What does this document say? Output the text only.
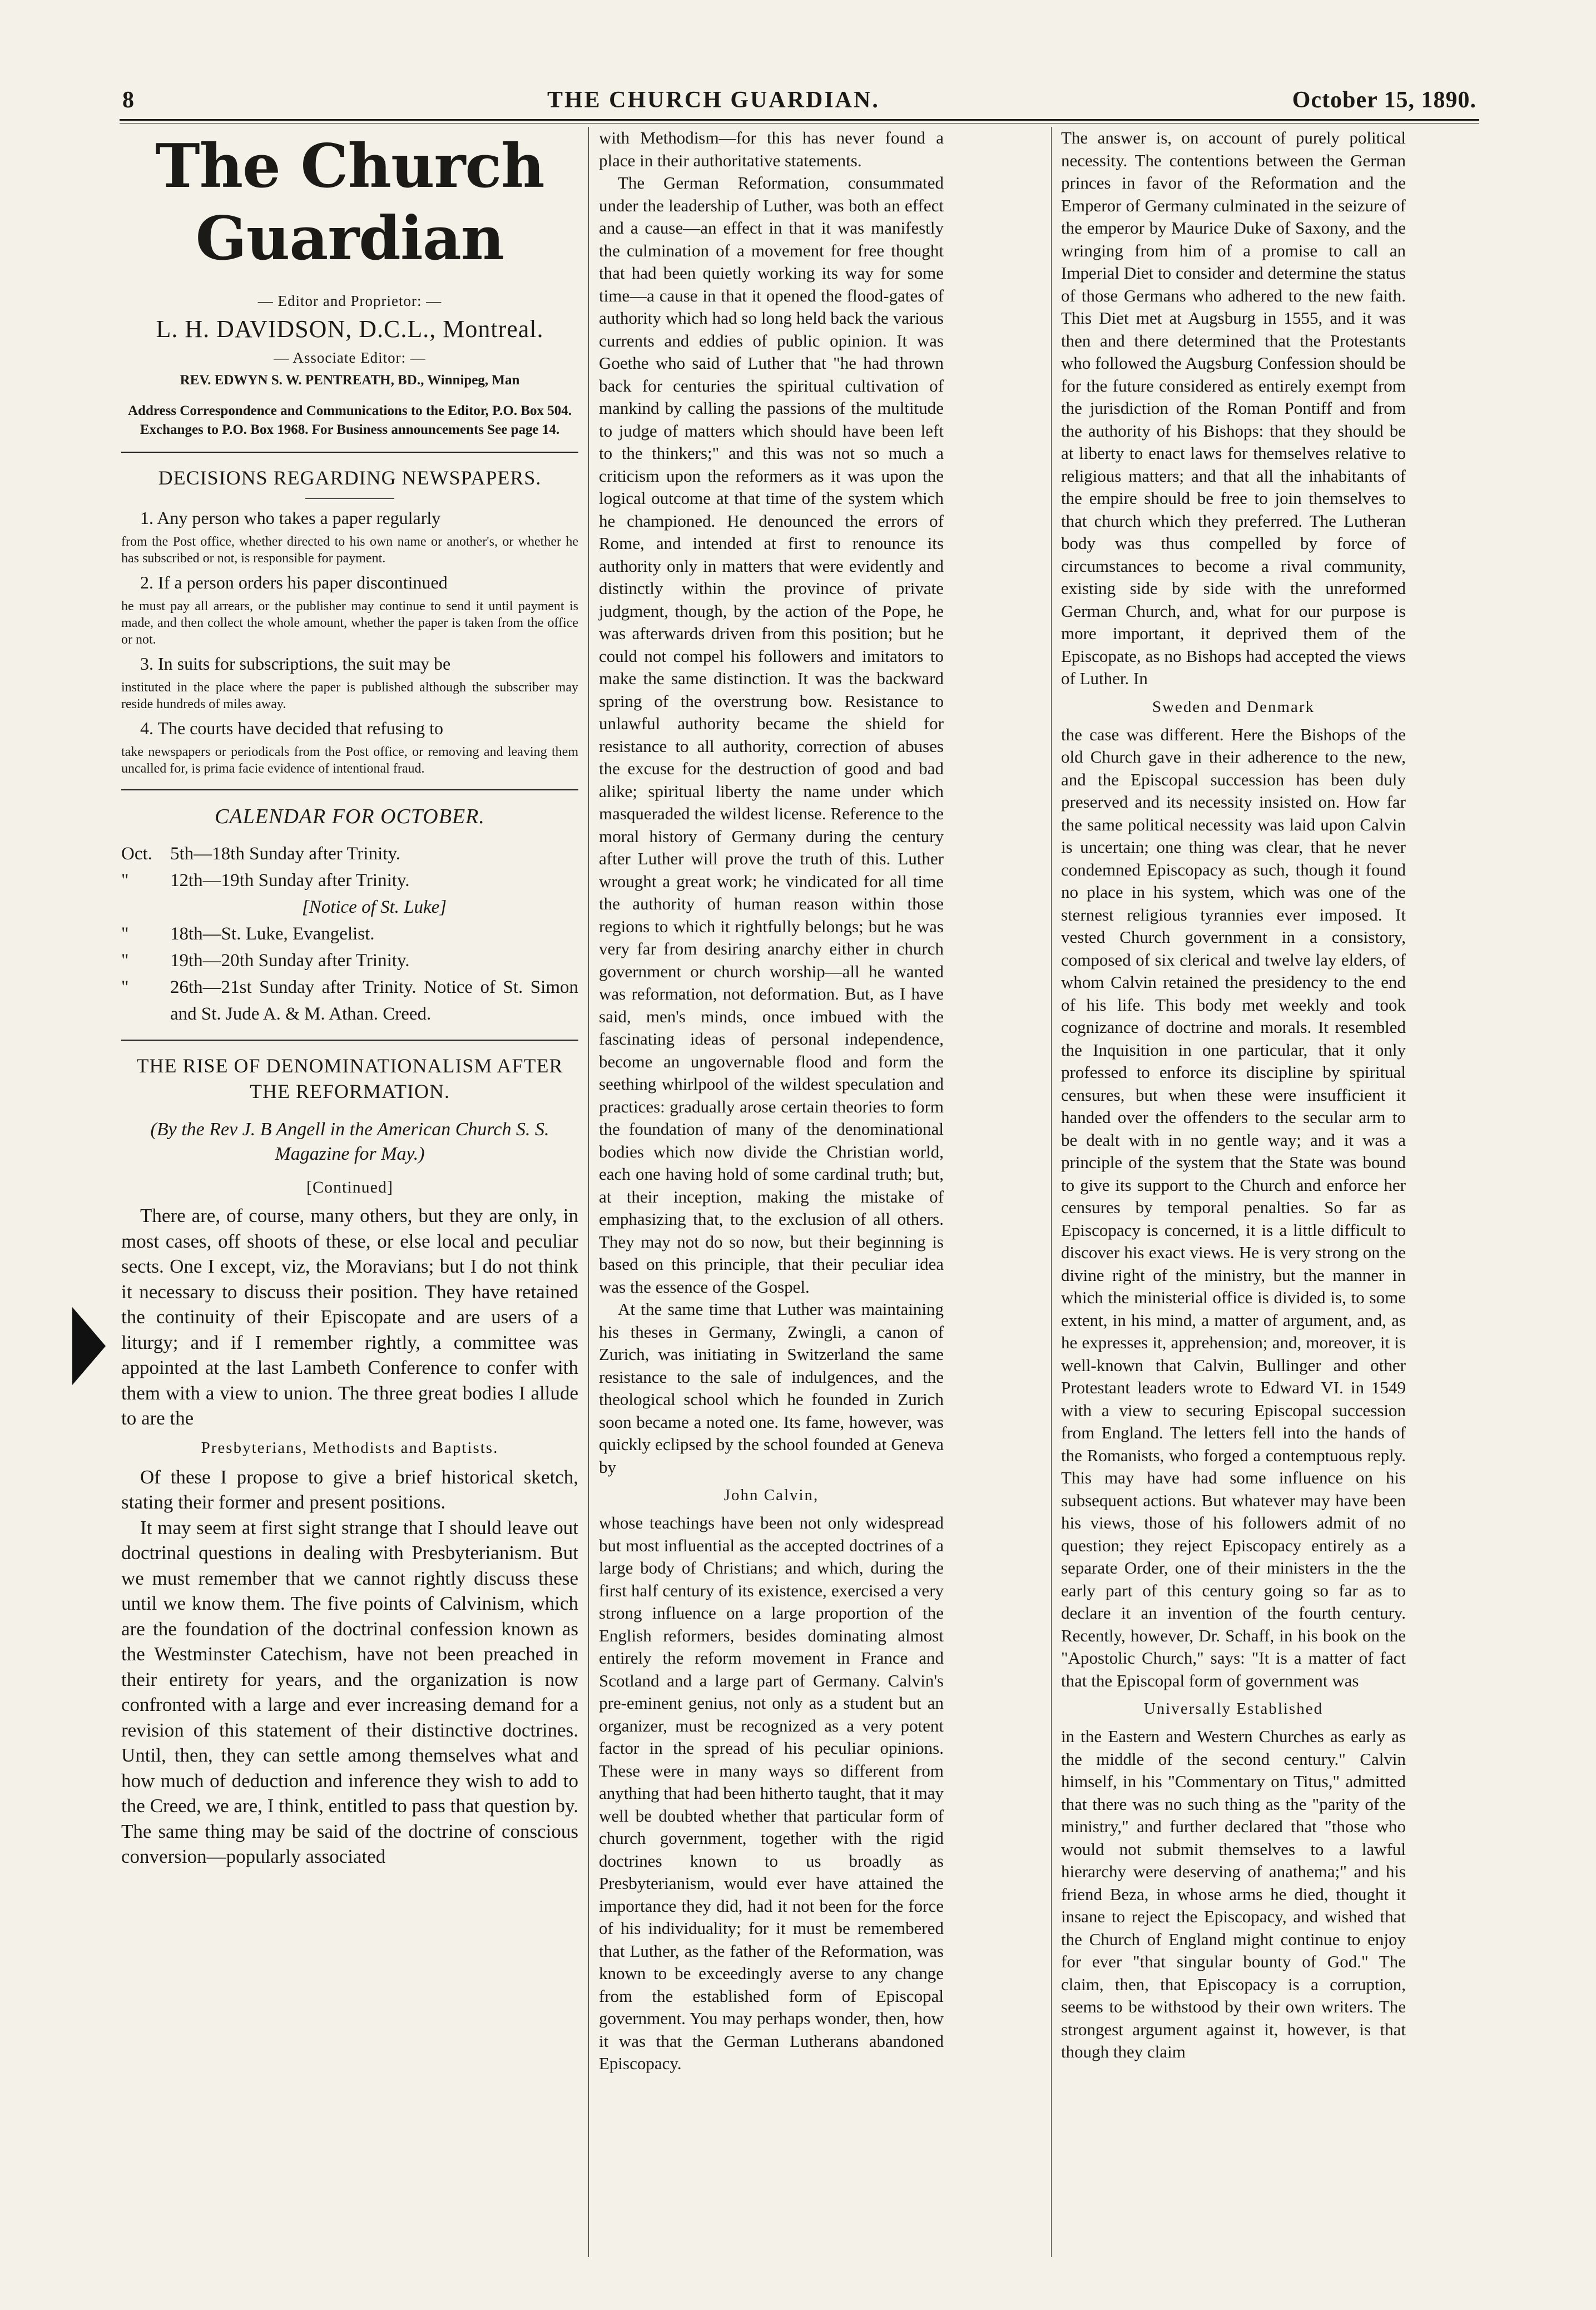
8	THE CHURCH GUARDIAN.	October 15, 1890.
The Church Guardian
— Editor and Proprietor: —
L. H. DAVIDSON, D.C.L., Montreal.
— Associate Editor: —
REV. EDWYN S. W. PENTREATH, BD., Winnipeg, Man
Address Correspondence and Communications to the Editor, P.O. Box 504. Exchanges to P.O. Box 1968. For Business announcements See page 14.
DECISIONS REGARDING NEWSPAPERS.

1. Any person who takes a paper regularly

from the Post office, whether directed to his own name or another's, or whether he has subscribed or not, is responsible for payment.

2. If a person orders his paper discontinued

he must pay all arrears, or the publisher may continue to send it until payment is made, and then collect the whole amount, whether the paper is taken from the office or not.

3. In suits for subscriptions, the suit may be

instituted in the place where the paper is published although the subscriber may reside hundreds of miles away.

4. The courts have decided that refusing to

take newspapers or periodicals from the Post office, or removing and leaving them uncalled for, is prima facie evidence of intentional fraud.

CALENDAR FOR OCTOBER.
Oct. 5th—18th Sunday after Trinity.
"	12th—19th Sunday after Trinity.
[Notice of St. Luke]
"	18th—St. Luke, Evangelist.
"	19th—20th Sunday after Trinity.
"	26th—21st Sunday after Trinity. Notice of St. Simon and St. Jude A. & M. Athan. Creed.
THE RISE OF DENOMINATIONALISM AFTER THE REFORMATION.
(By the Rev J. B Angell in the American Church S. S. Magazine for May.)
[Continued]

There are, of course, many others, but they are only, in most cases, off shoots of these, or else local and peculiar sects. One I except, viz, the Moravians; but I do not think it necessary to discuss their position. They have retained the continuity of their Episcopate and are users of a liturgy; and if I remember rightly, a committee was appointed at the last Lambeth Conference to confer with them with a view to union. The three great bodies I allude to are the

Presbyterians, Methodists and Baptists.

Of these I propose to give a brief historical sketch, stating their former and present positions.

It may seem at first sight strange that I should leave out doctrinal questions in dealing with Presbyterianism. But we must remember that we cannot rightly discuss these until we know them. The five points of Calvinism, which are the foundation of the doctrinal confession known as the Westminster Catechism, have not been preached in their entirety for years, and the organization is now confronted with a large and ever increasing demand for a revision of this statement of their distinctive doctrines. Until, then, they can settle among themselves what and how much of deduction and inference they wish to add to the Creed, we are, I think, entitled to pass that question by. The same thing may be said of the doctrine of conscious conversion—popularly associated

with Methodism—for this has never found a place in their authoritative statements.

The German Reformation, consummated under the leadership of Luther, was both an effect and a cause—an effect in that it was manifestly the culmination of a movement for free thought that had been quietly working its way for some time—a cause in that it opened the flood-gates of authority which had so long held back the various currents and eddies of public opinion. It was Goethe who said of Luther that "he had thrown back for centuries the spiritual cultivation of mankind by calling the passions of the multitude to judge of matters which should have been left to the thinkers;" and this was not so much a criticism upon the reformers as it was upon the logical outcome at that time of the system which he championed. He denounced the errors of Rome, and intended at first to renounce its authority only in matters that were evidently and distinctly within the province of private judgment, though, by the action of the Pope, he was afterwards driven from this position; but he could not compel his followers and imitators to make the same distinction. It was the backward spring of the overstrung bow. Resistance to unlawful authority became the shield for resistance to all authority, correction of abuses the excuse for the destruction of good and bad alike; spiritual liberty the name under which masqueraded the wildest license. Reference to the moral history of Germany during the century after Luther will prove the truth of this. Luther wrought a great work; he vindicated for all time the authority of human reason within those regions to which it rightfully belongs; but he was very far from desiring anarchy either in church government or church worship—all he wanted was reformation, not deformation. But, as I have said, men's minds, once imbued with the fascinating ideas of personal independence, become an ungovernable flood and form the seething whirlpool of the wildest speculation and practices: gradually arose certain theories to form the foundation of many of the denominational bodies which now divide the Christian world, each one having hold of some cardinal truth; but, at their inception, making the mistake of emphasizing that, to the exclusion of all others. They may not do so now, but their beginning is based on this principle, that their peculiar idea was the essence of the Gospel.

At the same time that Luther was maintaining his theses in Germany, Zwingli, a canon of Zurich, was initiating in Switzerland the same resistance to the sale of indulgences, and the theological school which he founded in Zurich soon became a noted one. Its fame, however, was quickly eclipsed by the school founded at Geneva by

John Calvin,

whose teachings have been not only widespread but most influential as the accepted doctrines of a large body of Christians; and which, during the first half century of its existence, exercised a very strong influence on a large proportion of the English reformers, besides dominating almost entirely the reform movement in France and Scotland and a large part of Germany. Calvin's pre-eminent genius, not only as a student but an organizer, must be recognized as a very potent factor in the spread of his peculiar opinions. These were in many ways so different from anything that had been hitherto taught, that it may well be doubted whether that particular form of church government, together with the rigid doctrines known to us broadly as Presbyterianism, would ever have attained the importance they did, had it not been for the force of his individuality; for it must be remembered that Luther, as the father of the Reformation, was known to be exceedingly averse to any change from the established form of Episcopal government. You may perhaps wonder, then, how it was that the German Lutherans abandoned Episcopacy.

The answer is, on account of purely political necessity. The contentions between the German princes in favor of the Reformation and the Emperor of Germany culminated in the seizure of the emperor by Maurice Duke of Saxony, and the wringing from him of a promise to call an Imperial Diet to consider and determine the status of those Germans who adhered to the new faith. This Diet met at Augsburg in 1555, and it was then and there determined that the Protestants who followed the Augsburg Confession should be for the future considered as entirely exempt from the jurisdiction of the Roman Pontiff and from the authority of his Bishops: that they should be at liberty to enact laws for themselves relative to religious matters; and that all the inhabitants of the empire should be free to join themselves to that church which they preferred. The Lutheran body was thus compelled by force of circumstances to become a rival community, existing side by side with the unreformed German Church, and, what for our purpose is more important, it deprived them of the Episcopate, as no Bishops had accepted the views of Luther. In

Sweden and Denmark

the case was different. Here the Bishops of the old Church gave in their adherence to the new, and the Episcopal succession has been duly preserved and its necessity insisted on. How far the same political necessity was laid upon Calvin is uncertain; one thing was clear, that he never condemned Episcopacy as such, though it found no place in his system, which was one of the sternest religious tyrannies ever imposed. It vested Church government in a consistory, composed of six clerical and twelve lay elders, of whom Calvin retained the presidency to the end of his life. This body met weekly and took cognizance of doctrine and morals. It resembled the Inquisition in one particular, that it only professed to enforce its discipline by spiritual censures, but when these were insufficient it handed over the offenders to the secular arm to be dealt with in no gentle way; and it was a principle of the system that the State was bound to give its support to the Church and enforce her censures by temporal penalties. So far as Episcopacy is concerned, it is a little difficult to discover his exact views. He is very strong on the divine right of the ministry, but the manner in which the ministerial office is divided is, to some extent, in his mind, a matter of argument, and, as he expresses it, apprehension; and, moreover, it is well-known that Calvin, Bullinger and other Protestant leaders wrote to Edward VI. in 1549 with a view to securing Episcopal succession from England. The letters fell into the hands of the Romanists, who forged a contemptuous reply. This may have had some influence on his subsequent actions. But whatever may have been his views, those of his followers admit of no question; they reject Episcopacy entirely as a separate Order, one of their ministers in the the early part of this century going so far as to declare it an invention of the fourth century. Recently, however, Dr. Schaff, in his book on the "Apostolic Church," says: "It is a matter of fact that the Episcopal form of government was

Universally Established

in the Eastern and Western Churches as early as the middle of the second century." Calvin himself, in his "Commentary on Titus," admitted that there was no such thing as the "parity of the ministry," and further declared that "those who would not submit themselves to a lawful hierarchy were deserving of anathema;" and his friend Beza, in whose arms he died, thought it insane to reject the Episcopacy, and wished that the Church of England might continue to enjoy for ever "that singular bounty of God." The claim, then, that Episcopacy is a corruption, seems to be withstood by their own writers. The strongest argument against it, however, is that though they claim
